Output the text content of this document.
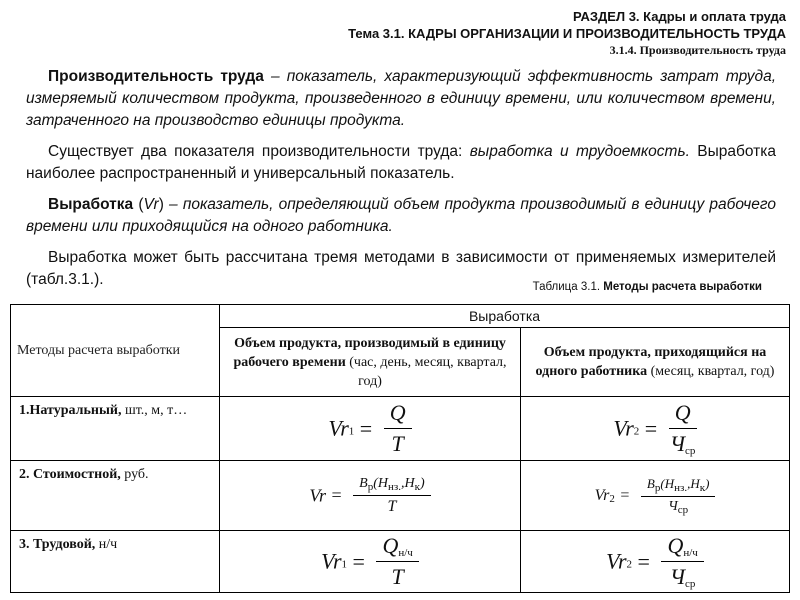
РАЗДЕЛ 3. Кадры и оплата труда
Тема 3.1. КАДРЫ ОРГАНИЗАЦИИ И ПРОИЗВОДИТЕЛЬНОСТЬ ТРУДА
3.1.4. Производительность труда

Производительность труда – показатель, характеризующий эффективность затрат труда, измеряемый количеством продукта, произведенного в единицу времени, или количеством времени, затраченного на производство единицы продукта.

Существует два показателя производительности труда: выработка и трудоемкость. Выработка наиболее распространенный и универсальный показатель.

Выработка (Vr) – показатель, определяющий объем продукта производимый в единицу рабочего времени или приходящийся на одного работника.

Выработка может быть рассчитана тремя методами в зависимости от применяемых измерителей (табл.3.1.).	Таблица 3.1. Методы расчета выработки
Методы расчета выработки	Выработка	
	Объем продукта, производимый в единицу рабочего времени (час, день, месяц, квартал, год)	Объем продукта, приходящийся на одного работника (месяц, квартал, год)
1.Натуральный, шт., м, т…	$Vr_1 = \frac{Q}{T}$	$Vr_2 = \frac{Q}{Ч_{ср}}$

2. Стоимостной, руб.	$Vr = \frac{B_p(Н_{нз.},Н_к)}{T}$	$Vr_2 = \frac{B_p(Н_{нз.},Н_к)}{Ч_{ср}}$

3. Трудовой, н/ч	$Vr_1 = \frac{Q_{н/ч}}{T}$	$Vr_2 = \frac{Q_{н/ч}}{Ч_{ср}}$
